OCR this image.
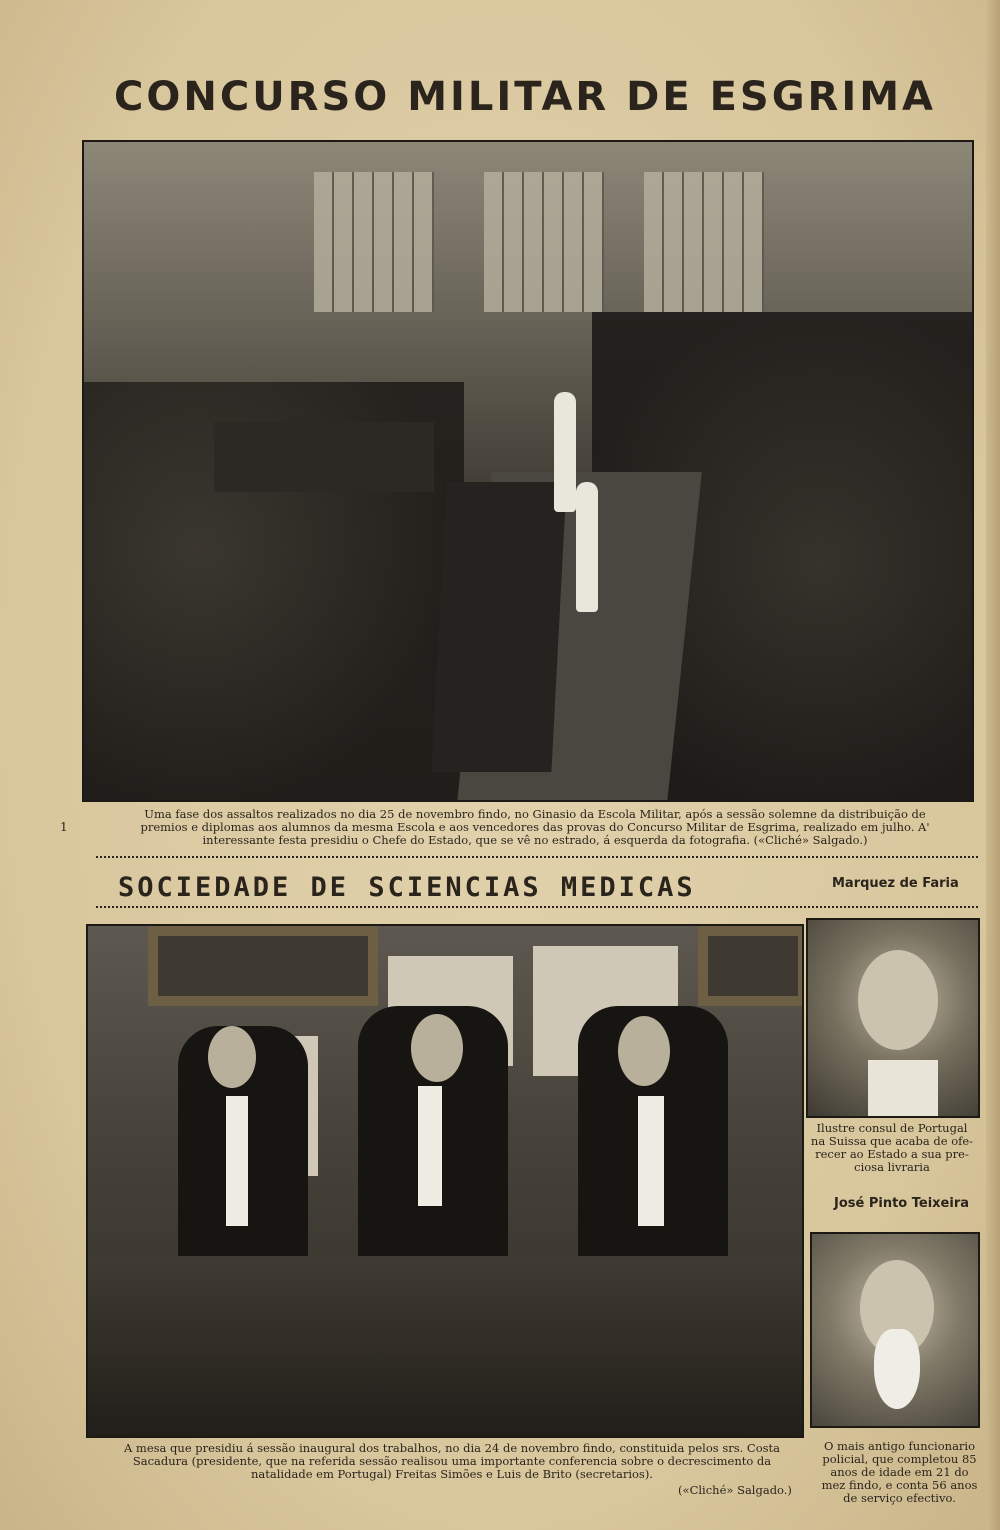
CONCURSO MILITAR DE ESGRIMA
1
Uma fase dos assaltos realizados no dia 25 de novembro findo, no Ginasio da Escola Militar, após a sessão solemne da distribuição de
premios e diplomas aos alumnos da mesma Escola e aos vencedores das provas do Concurso Militar de Esgrima, realizado em julho. A'
interessante festa presidiu o Chefe do Estado, que se vê no estrado, á esquerda da fotografia. («Cliché» Salgado.)
SOCIEDADE DE SCIENCIAS MEDICAS	Marquez de Faria
A mesa que presidiu á sessão inaugural dos trabalhos, no dia 24 de novembro findo, constituida pelos srs. Costa
Sacadura (presidente, que na referida sessão realisou uma importante conferencia sobre o decrescimento da
natalidade em Portugal) Freitas Simões e Luis de Brito (secretarios).
(«Cliché» Salgado.)
Ilustre consul de Portugal
na Suissa que acaba de ofe-
recer ao Estado a sua pre-
ciosa livraria
José Pinto Teixeira
O mais antigo funcionario
policial, que completou 85
anos de idade em 21 do
mez findo, e conta 56 anos
de serviço efectivo.
